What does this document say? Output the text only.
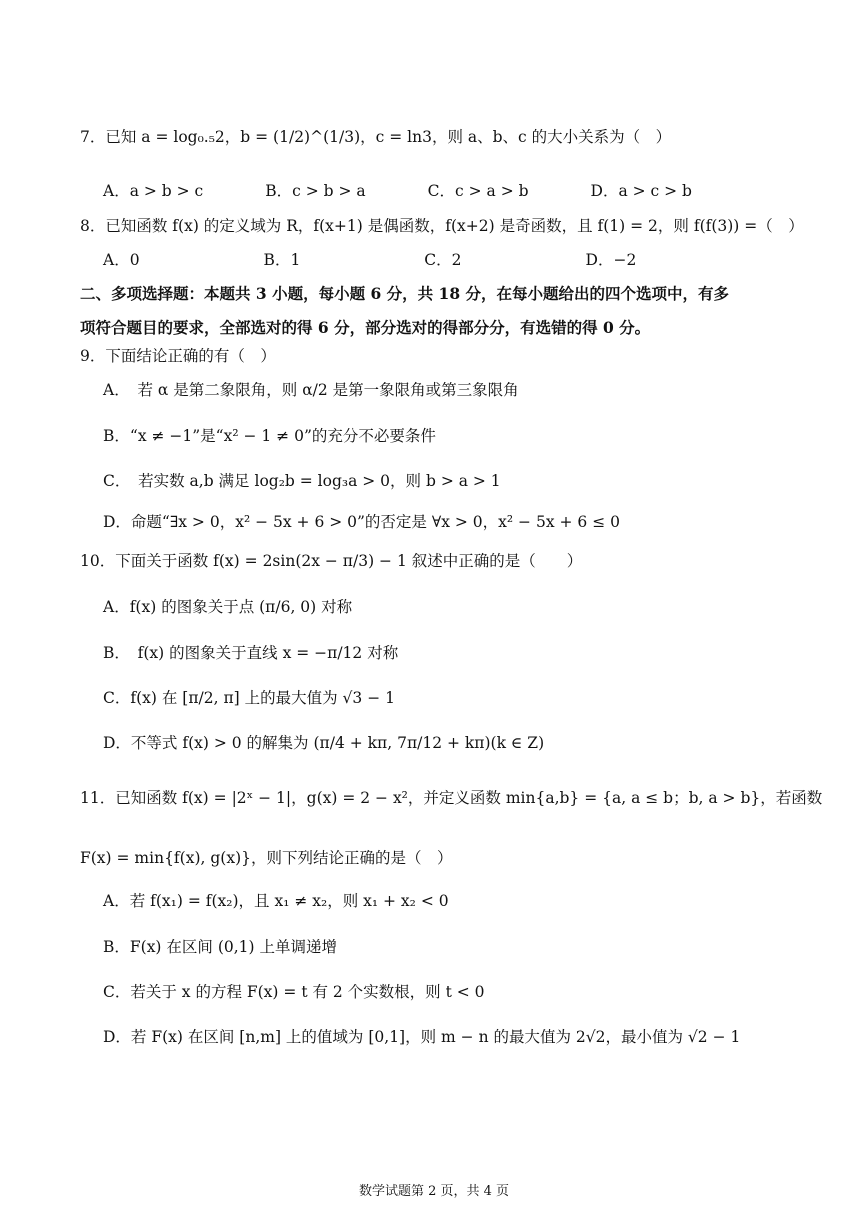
7．已知 a = log₀.₅2，b = (1/2)^(1/3)，c = ln3，则 a、b、c 的大小关系为（　）
A．a > b > c　　　　B．c > b > a　　　　C．c > a > b　　　　D．a > c > b
8．已知函数 f(x) 的定义域为 R，f(x+1) 是偶函数，f(x+2) 是奇函数，且 f(1) = 2，则 f(f(3)) =（　）
A．0　　　　　　　　B．1　　　　　　　　C．2　　　　　　　　D．−2
二、多项选择题：本题共 3 小题，每小题 6 分，共 18 分，在每小题给出的四个选项中，有多
项符合题目的要求，全部选对的得 6 分，部分选对的得部分分，有选错的得 0 分。
9．下面结论正确的有（　）
A．　若 α 是第二象限角，则 α/2 是第一象限角或第三象限角
B．“x ≠ −1”是“x² − 1 ≠ 0”的充分不必要条件
C．　若实数 a,b 满足 log₂b = log₃a > 0，则 b > a > 1
D．命题“∃x > 0，x² − 5x + 6 > 0”的否定是 ∀x > 0，x² − 5x + 6 ≤ 0
10．下面关于函数 f(x) = 2sin(2x − π/3) − 1 叙述中正确的是（　　）
A．f(x) 的图象关于点 (π/6, 0) 对称
B．　f(x) 的图象关于直线 x = −π/12 对称
C．f(x) 在 [π/2, π] 上的最大值为 √3 − 1
D．不等式 f(x) > 0 的解集为 (π/4 + kπ, 7π/12 + kπ)(k ∈ Z)
11．已知函数 f(x) = |2ˣ − 1|，g(x) = 2 − x²，并定义函数 min{a,b} = {a, a ≤ b；b, a > b}，若函数
F(x) = min{f(x), g(x)}，则下列结论正确的是（　）
A．若 f(x₁) = f(x₂)，且 x₁ ≠ x₂，则 x₁ + x₂ < 0
B．F(x) 在区间 (0,1) 上单调递增
C．若关于 x 的方程 F(x) = t 有 2 个实数根，则 t < 0
D．若 F(x) 在区间 [n,m] 上的值域为 [0,1]，则 m − n 的最大值为 2√2，最小值为 √2 − 1
数学试题第 2 页，共 4 页
